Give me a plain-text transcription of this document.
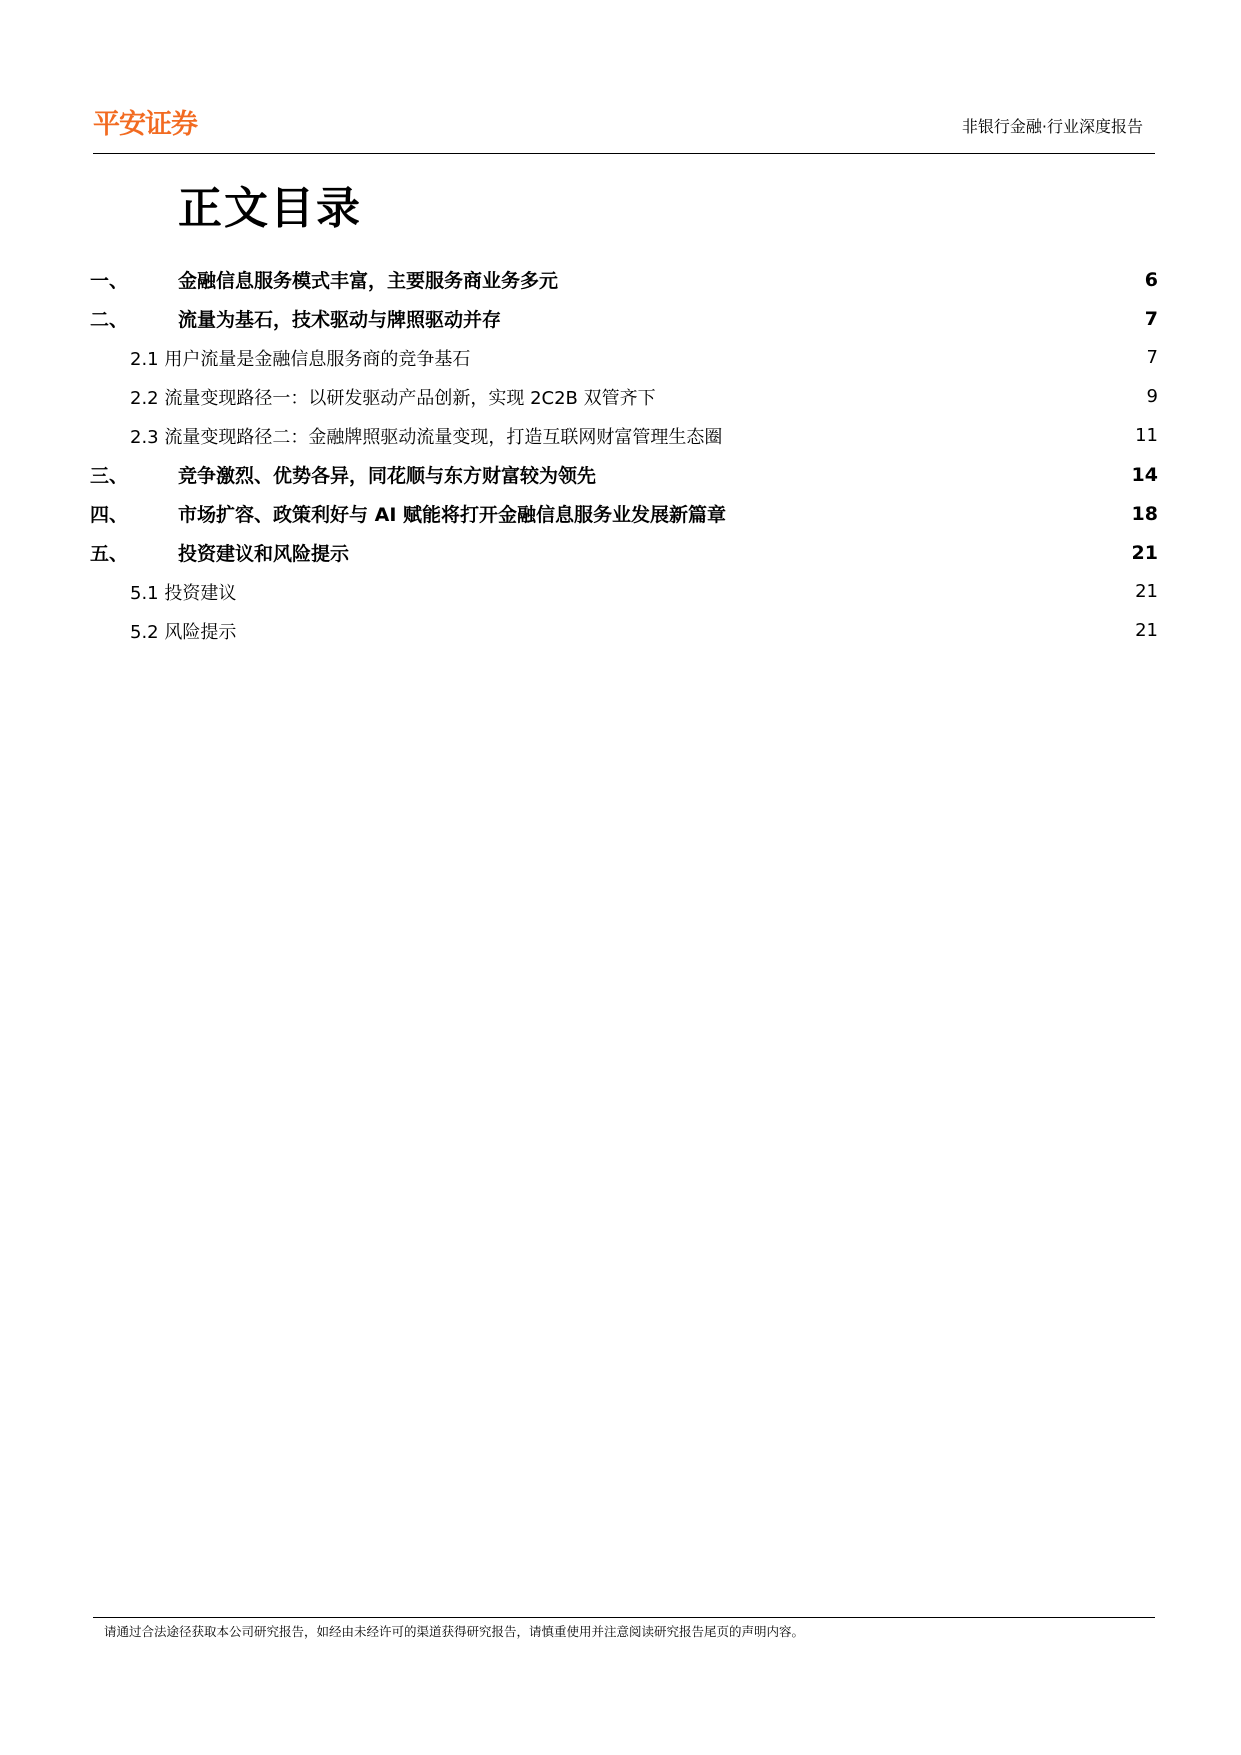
平安证券	非银行金融·行业深度报告
正文目录
一、	金融信息服务模式丰富，主要服务商业务多元	6
二、	流量为基石，技术驱动与牌照驱动并存	7
2.1 用户流量是金融信息服务商的竞争基石	7
2.2 流量变现路径一：以研发驱动产品创新，实现 2C2B 双管齐下	9
2.3 流量变现路径二：金融牌照驱动流量变现，打造互联网财富管理生态圈	11
三、	竞争激烈、优势各异，同花顺与东方财富较为领先	14
四、	市场扩容、政策利好与 AI 赋能将打开金融信息服务业发展新篇章	18
五、	投资建议和风险提示	21
5.1 投资建议	21
5.2 风险提示	21
请通过合法途径获取本公司研究报告，如经由未经许可的渠道获得研究报告，请慎重使用并注意阅读研究报告尾页的声明内容。
